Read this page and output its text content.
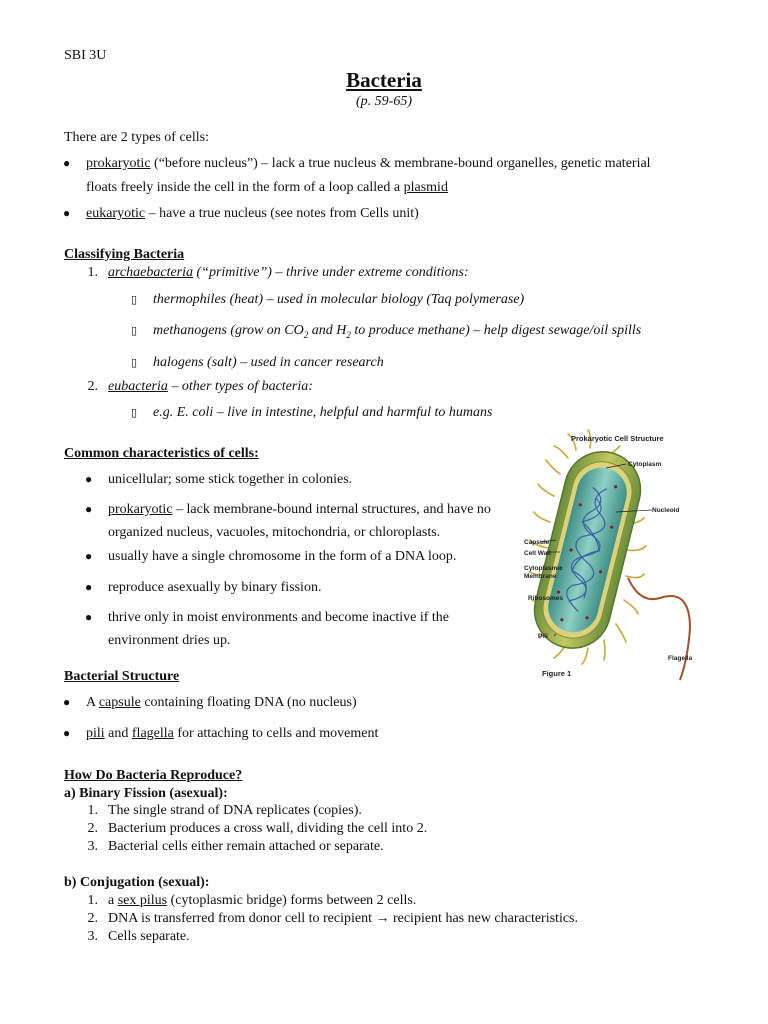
SBI 3U
Bacteria
(p. 59-65)
There are 2 types of cells:
● prokaryotic (“before nucleus”) – lack a true nucleus & membrane-bound organelles, genetic material
floats freely inside the cell in the form of a loop called a plasmid
● eukaryotic – have a true nucleus (see notes from Cells unit)
Classifying Bacteria
1. archaebacteria (“primitive”) – thrive under extreme conditions:
▯ thermophiles (heat) – used in molecular biology (Taq polymerase)
▯ methanogens (grow on $CO_2$ and $H_2$ to produce methane) – help digest sewage/oil spills
▯ halogens (salt) – used in cancer research
2. eubacteria – other types of bacteria:
▯ e.g. E. coli – live in intestine, helpful and harmful to humans
Common characteristics of cells:
● unicellular; some stick together in colonies.
● prokaryotic – lack membrane-bound internal structures, and have no
organized nucleus, vacuoles, mitochondria, or chloroplasts.
● usually have a single chromosome in the form of a DNA loop.
● reproduce asexually by binary fission.
● thrive only in moist environments and become inactive if the
environment dries up.
Bacterial Structure
● A capsule containing floating DNA (no nucleus)
● pili and flagella for attaching to cells and movement
How Do Bacteria Reproduce?
a) Binary Fission (asexual):
1. The single strand of DNA replicates (copies).
2. Bacterium produces a cross wall, dividing the cell into 2.
3. Bacterial cells either remain attached or separate.
b) Conjugation (sexual):
1. a sex pilus (cytoplasmic bridge) forms between 2 cells.
2. DNA is transferred from donor cell to recipient → recipient has new characteristics.
3. Cells separate.
Prokaryotic Cell Structure
Cytoplasm
Nucleoid
Capsule
Cell Wall
Cytoplasmic
Membrane
Ribosomes
Pili
Flagella
Figure 1
